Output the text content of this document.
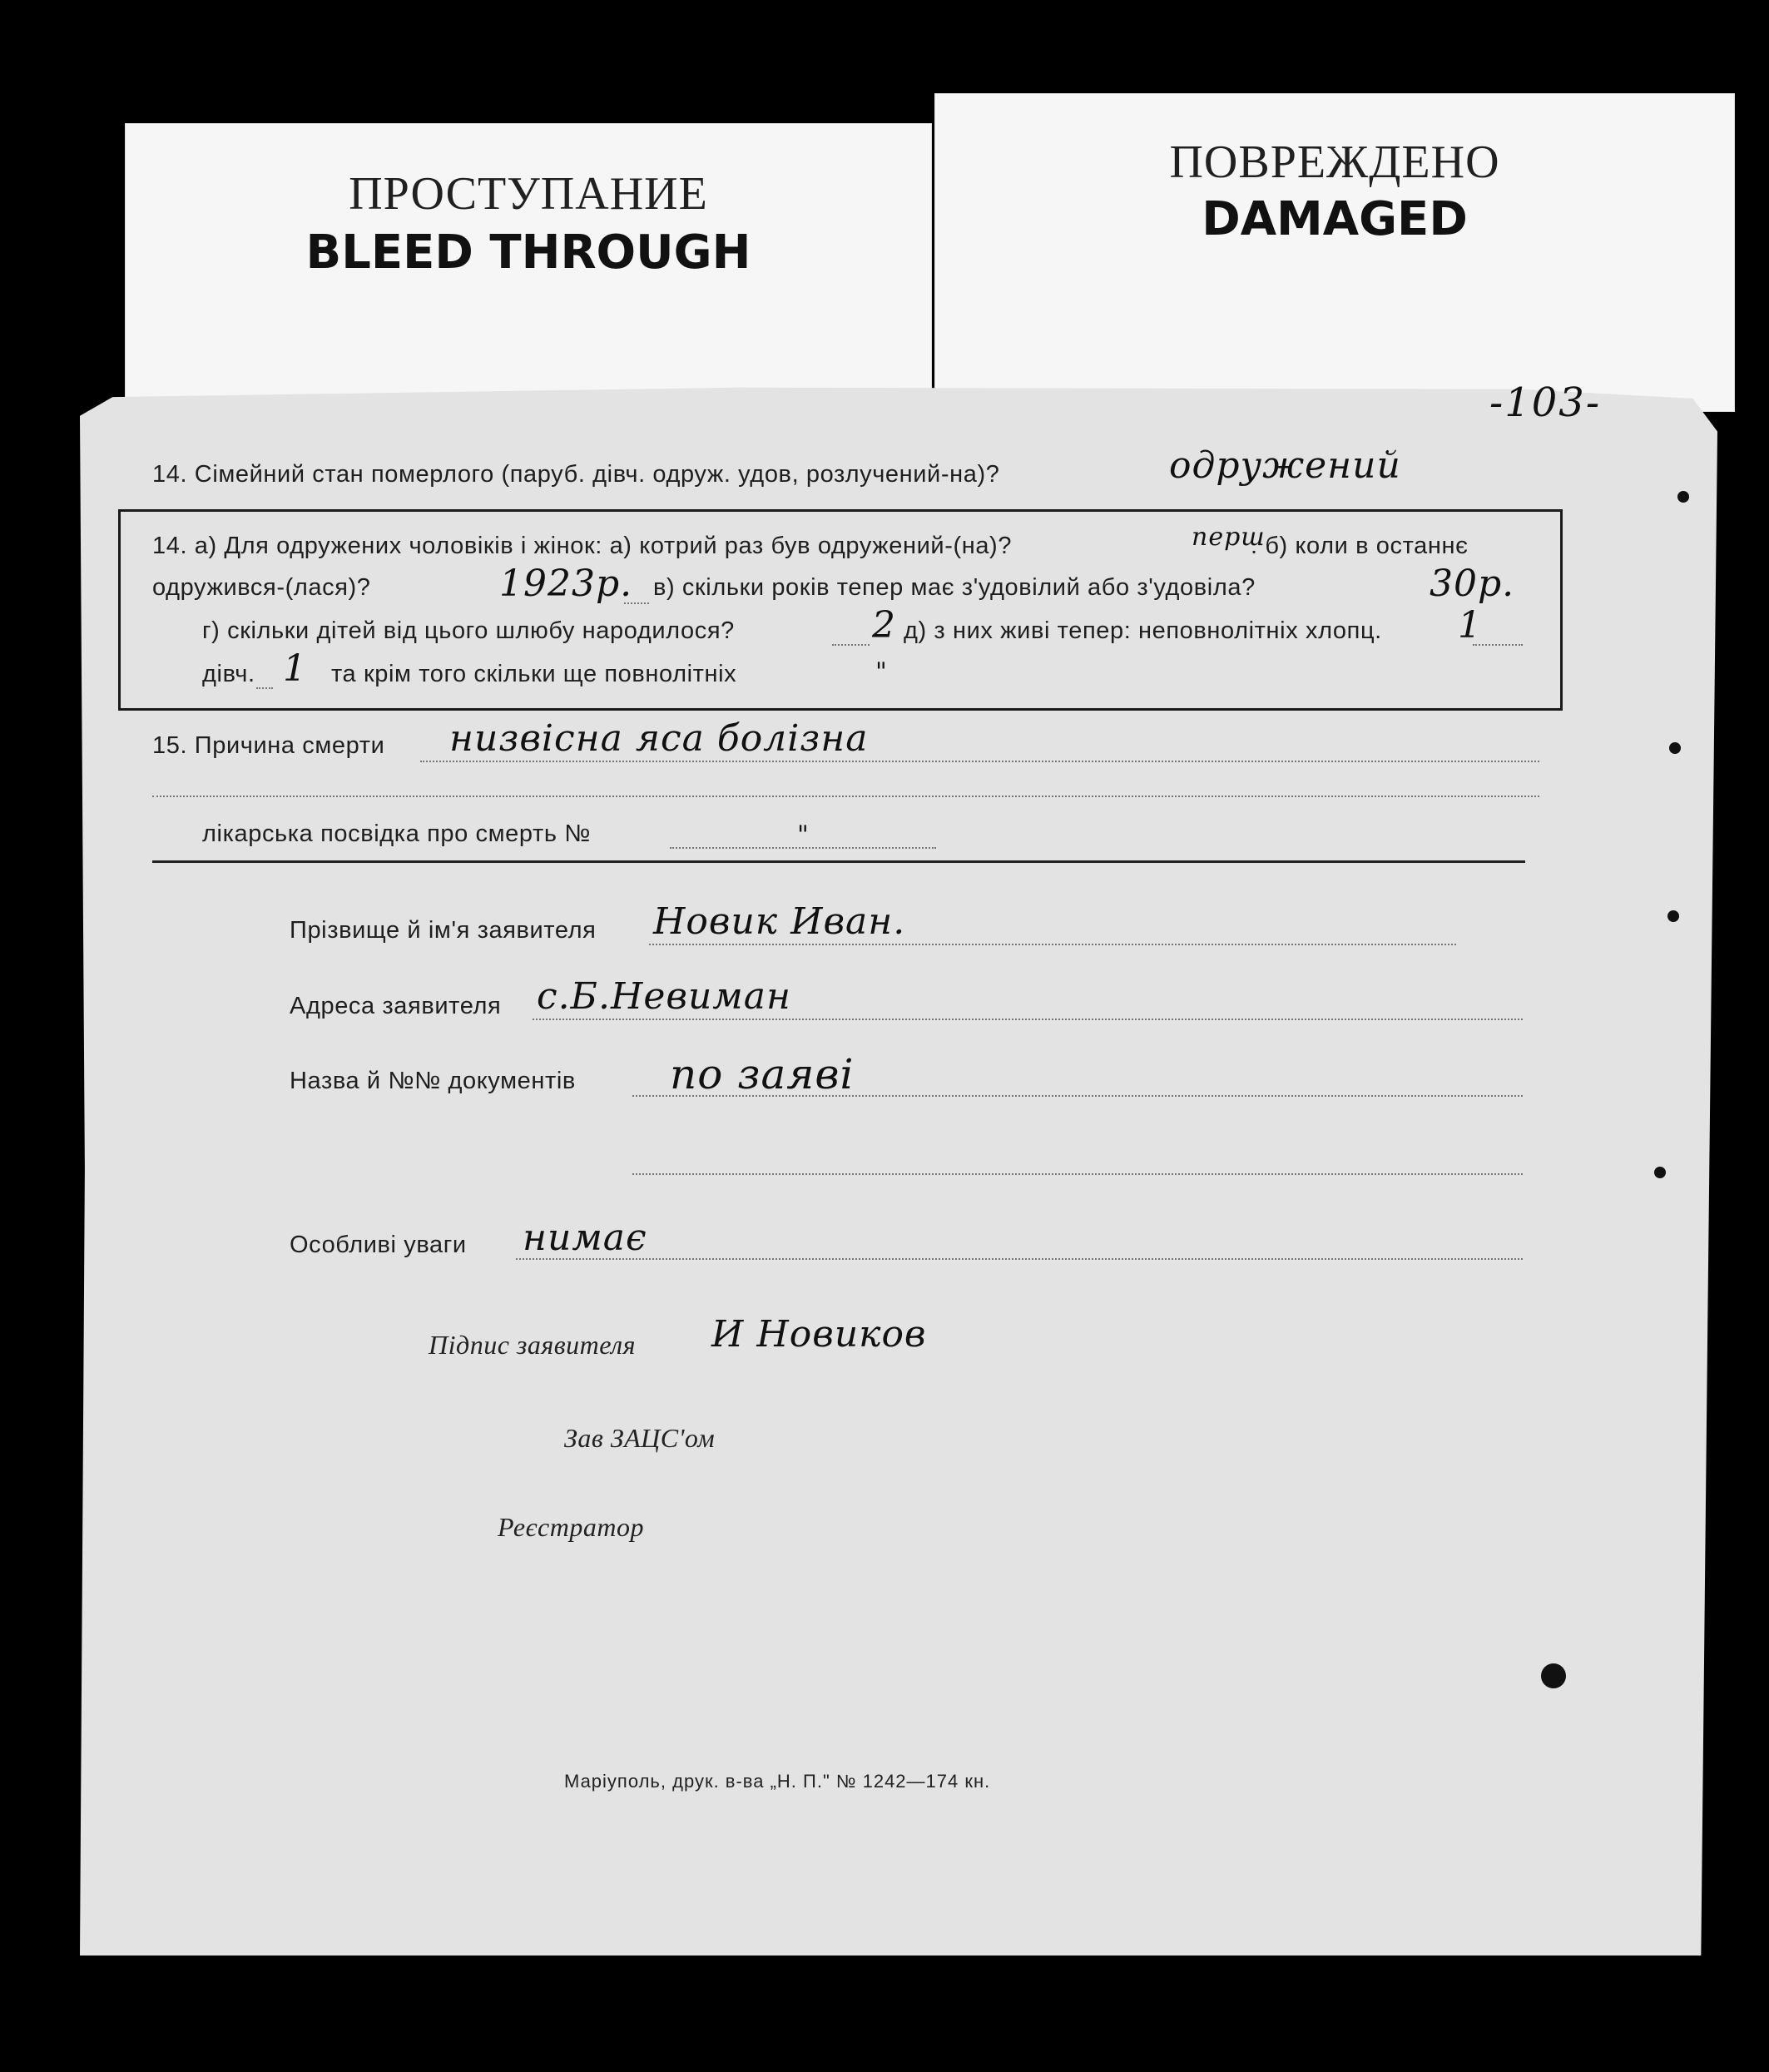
ПРОСТУПАНИЕ
BLEED THROUGH
ПОВРЕЖДЕНО
DAMAGED
-103-
14. Сімейний стан померлого (паруб. дівч. одруж. удов, розлучений-на)?	одружений
14. а) Для одружених чоловіків і жінок: а) котрий раз був одружений-(на)?	перш
. б) коли в останнє
одружився-(лася)?	1923р. в) скільки років тепер має з'удовілий або з'удовіла?	30р.
г) скільки дітей від цього шлюбу народилося?	2 д) з них живі тепер: неповнолітніх хлопц. 1
дівч. 1 та крім того скільки ще повнолітніх	"
15. Причина смерти низвісна яса болізна
лікарська посвідка про смерть №	"
Прізвище й ім'я заявителя Новик Иван.
Адреса заявителя с.Б.Невиман
Назва й №№ документів по заяві
Особливі уваги нимає
Підпис заявителя И Новиков
Зав ЗАЦС'ом
Реєстратор
Маріуполь, друк. в-ва „Н. П." № 1242—174 кн.
